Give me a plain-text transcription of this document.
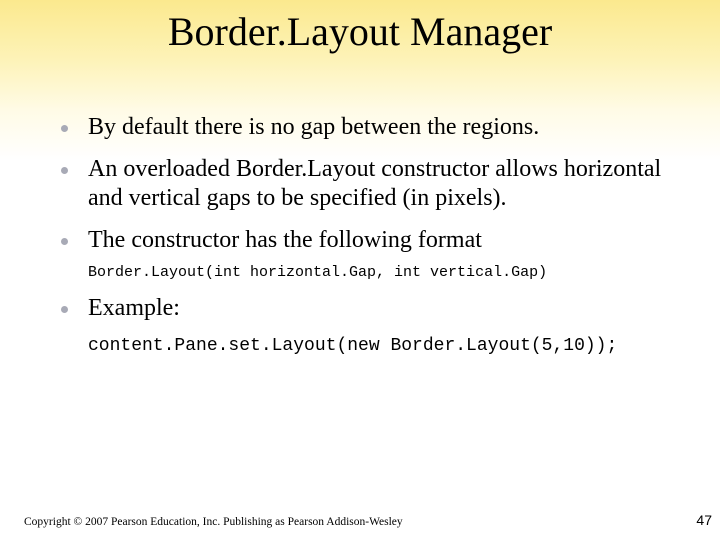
Border.Layout Manager
By default there is no gap between the regions.
An overloaded Border.Layout constructor allows horizontal and vertical gaps to be specified (in pixels).
The constructor has the following format
Border.Layout(int horizontal.Gap, int vertical.Gap)
Example:
content.Pane.set.Layout(new Border.Layout(5,10));
Copyright © 2007 Pearson Education, Inc. Publishing as Pearson Addison-Wesley	47
